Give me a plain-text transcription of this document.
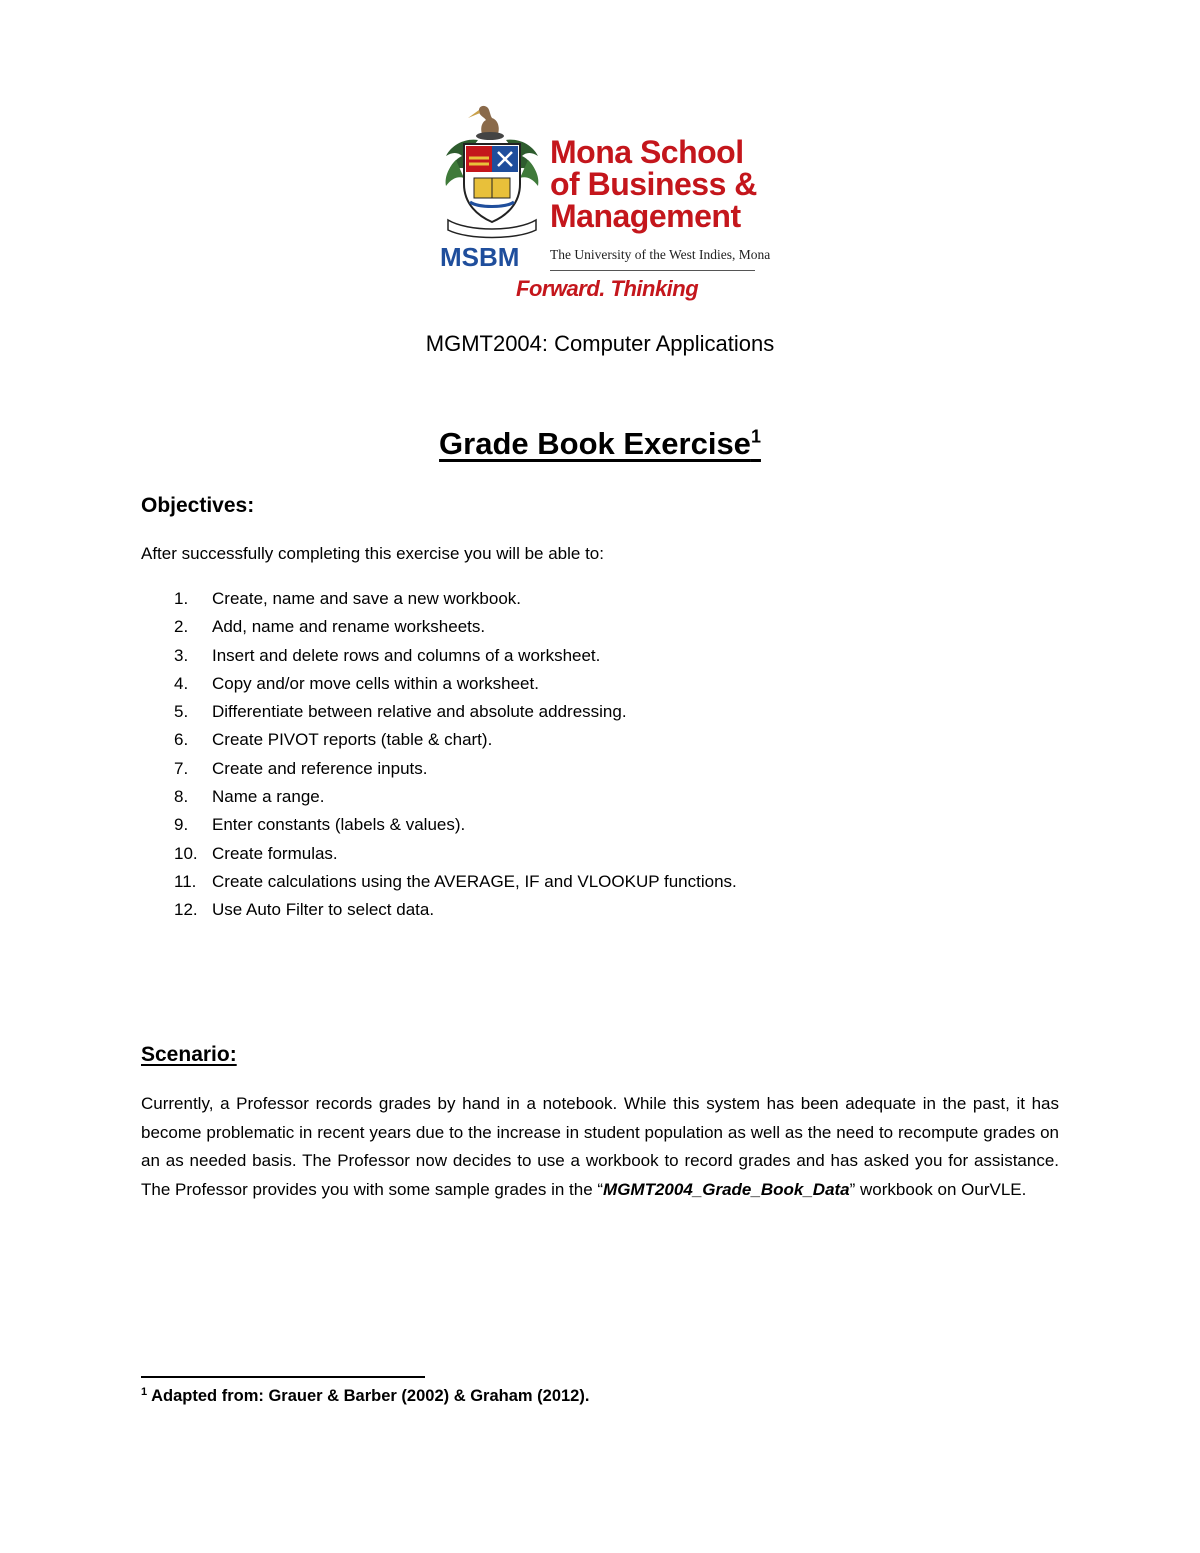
Mona School
of Business &
Management
MSBM The University of the West Indies, Mona
Forward. Thinking
MGMT2004: Computer Applications
Grade Book Exercise$^1$
Objectives:
After successfully completing this exercise you will be able to:
1.	Create, name and save a new workbook.
2.	Add, name and rename worksheets.
3.	Insert and delete rows and columns of a worksheet.
4.	Copy and/or move cells within a worksheet.
5.	Differentiate between relative and absolute addressing.
6.	Create PIVOT reports (table & chart).
7.	Create and reference inputs.
8.	Name a range.
9.	Enter constants (labels & values).
10. Create formulas.
11. Create calculations using the AVERAGE, IF and VLOOKUP functions.
12. Use Auto Filter to select data.
Scenario:

Currently, a Professor records grades by hand in a notebook. While this system has been adequate in the past, it has become problematic in recent years due to the increase in student population as well as the need to recompute grades on an as needed basis. The Professor now decides to use a workbook to record grades and has asked you for assistance. The Professor provides you with some sample grades in the “MGMT2004_Grade_Book_Data” workbook on OurVLE.

$^1$ Adapted from: Grauer & Barber (2002) & Graham (2012).
